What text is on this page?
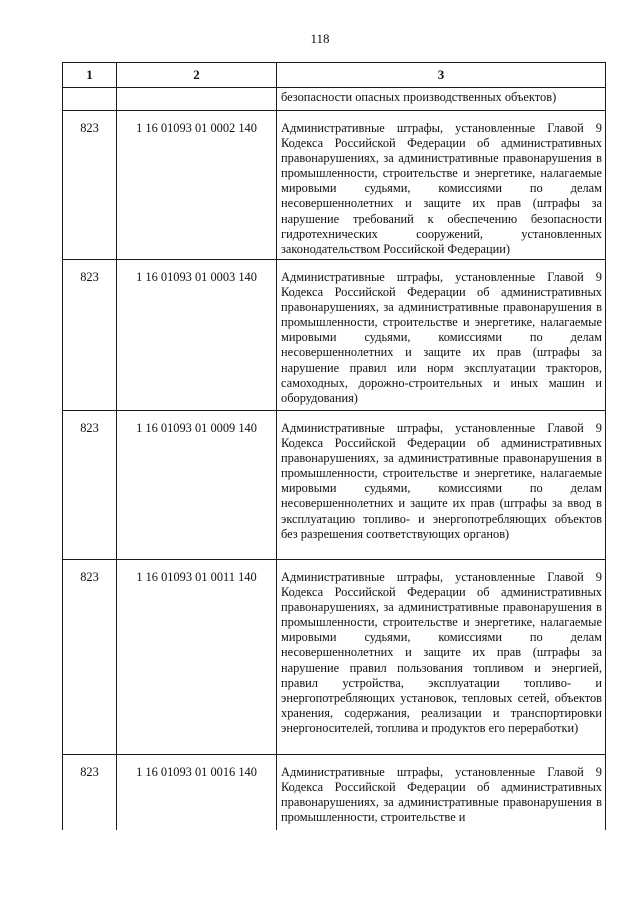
118
1	2	3
		безопасности опасных производственных объектов)
823	1 16 01093 01 0002 140	Административные штрафы, установленные Главой 9 Кодекса Российской Федерации об административных правонарушениях, за административные правонарушения в промышленности, строительстве и энергетике, налагаемые мировыми судьями, комиссиями по делам несовершеннолетних и защите их прав (штрафы за нарушение требований к обеспечению безопасности гидротехнических сооружений, установленных законодательством Российской Федерации)
823	1 16 01093 01 0003 140	Административные штрафы, установленные Главой 9 Кодекса Российской Федерации об административных правонарушениях, за административные правонарушения в промышленности, строительстве и энергетике, налагаемые мировыми судьями, комиссиями по делам несовершеннолетних и защите их прав (штрафы за нарушение правил или норм эксплуатации тракторов, самоходных, дорожно-строительных и иных машин и оборудования)
823	1 16 01093 01 0009 140	Административные штрафы, установленные Главой 9 Кодекса Российской Федерации об административных правонарушениях, за административные правонарушения в промышленности, строительстве и энергетике, налагаемые мировыми судьями, комиссиями по делам несовершеннолетних и защите их прав (штрафы за ввод в эксплуатацию топливо- и энергопотребляющих объектов без разрешения соответствующих органов)
823	1 16 01093 01 0011 140	Административные штрафы, установленные Главой 9 Кодекса Российской Федерации об административных правонарушениях, за административные правонарушения в промышленности, строительстве и энергетике, налагаемые мировыми судьями, комиссиями по делам несовершеннолетних и защите их прав (штрафы за нарушение правил пользования топливом и энергией, правил устройства, эксплуатации топливо- и энергопотребляющих установок, тепловых сетей, объектов хранения, содержания, реализации и транспортировки энергоносителей, топлива и продуктов его переработки)
823	1 16 01093 01 0016 140	Административные штрафы, установленные Главой 9 Кодекса Российской Федерации об административных правонарушениях, за административные правонарушения в промышленности, строительстве и
